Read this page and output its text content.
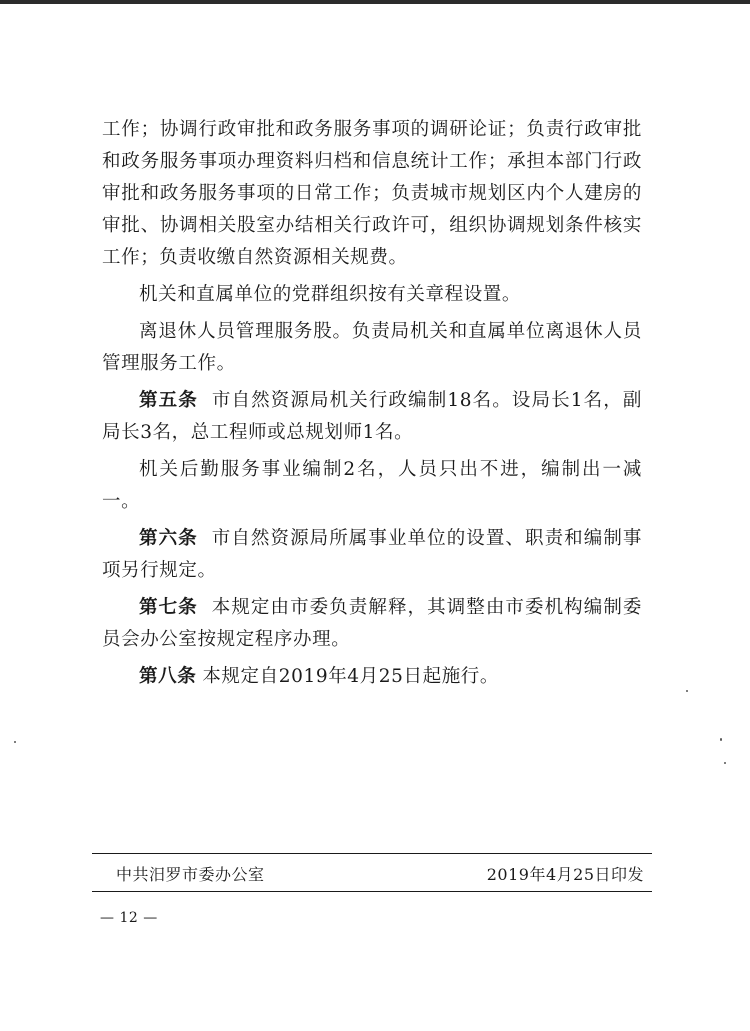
工作；协调行政审批和政务服务事项的调研论证；负责行政审批和政务服务事项办理资料归档和信息统计工作；承担本部门行政审批和政务服务事项的日常工作；负责城市规划区内个人建房的审批、协调相关股室办结相关行政许可，组织协调规划条件核实工作；负责收缴自然资源相关规费。

机关和直属单位的党群组织按有关章程设置。

离退休人员管理服务股。负责局机关和直属单位离退休人员管理服务工作。

第五条 市自然资源局机关行政编制18名。设局长1名，副局长3名，总工程师或总规划师1名。

机关后勤服务事业编制2名，人员只出不进，编制出一减一。

第六条 市自然资源局所属事业单位的设置、职责和编制事项另行规定。

第七条 本规定由市委负责解释，其调整由市委机构编制委员会办公室按规定程序办理。

第八条 本规定自2019年4月25日起施行。

中共汨罗市委办公室	2019年4月25日印发
— 12 —
